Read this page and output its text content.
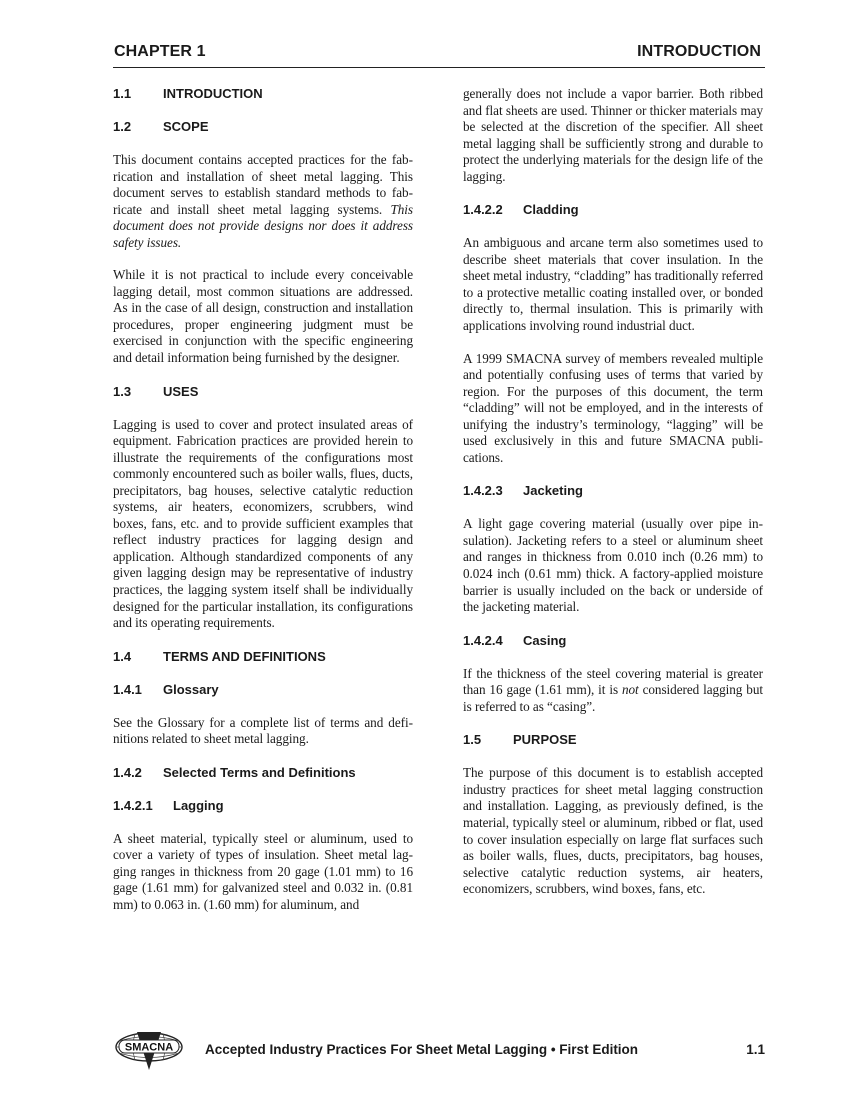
CHAPTER 1	INTRODUCTION
1.1 INTRODUCTION
1.2 SCOPE

This document contains accepted practices for the fabrication and installation of sheet metal lagging. This document serves to establish standard methods to fabricate and install sheet metal lagging systems. This document does not provide designs nor does it address safety issues.

While it is not practical to include every conceivable lagging detail, most common situations are addressed. As in the case of all design, construction and installation procedures, proper engineering judgment must be exercised in conjunction with the specific engineering and detail information being furnished by the designer.

1.3 USES

Lagging is used to cover and protect insulated areas of equipment. Fabrication practices are provided herein to illustrate the requirements of the configurations most commonly encountered such as boiler walls, flues, ducts, precipitators, bag houses, selective catalytic reduction systems, air heaters, economizers, scrubbers, wind boxes, fans, etc. and to provide sufficient examples that reflect industry practices for lagging design and application. Although standardized components of any given lagging design may be representative of industry practices, the lagging system itself shall be individually designed for the particular installation, its configurations and its operating requirements.

1.4 TERMS AND DEFINITIONS
1.4.1 Glossary

See the Glossary for a complete list of terms and definitions related to sheet metal lagging.

1.4.2 Selected Terms and Definitions
1.4.2.1 Lagging

A sheet material, typically steel or aluminum, used to cover a variety of types of insulation. Sheet metal lagging ranges in thickness from 20 gage (1.01 mm) to 16 gage (1.61 mm) for galvanized steel and 0.032 in. (0.81 mm) to 0.063 in. (1.60 mm) for aluminum, and

generally does not include a vapor barrier. Both ribbed and flat sheets are used. Thinner or thicker materials may be selected at the discretion of the specifier. All sheet metal lagging shall be sufficiently strong and durable to protect the underlying materials for the design life of the lagging.

1.4.2.2 Cladding

An ambiguous and arcane term also sometimes used to describe sheet materials that cover insulation. In the sheet metal industry, “cladding” has traditionally referred to a protective metallic coating installed over, or bonded directly to, thermal insulation. This is primarily with applications involving round industrial duct.

A 1999 SMACNA survey of members revealed multiple and potentially confusing uses of terms that varied by region. For the purposes of this document, the term “cladding” will not be employed, and in the interests of unifying the industry’s terminology, “lagging” will be used exclusively in this and future SMACNA publications.

1.4.2.3 Jacketing

A light gage covering material (usually over pipe insulation). Jacketing refers to a steel or aluminum sheet and ranges in thickness from 0.010 inch (0.26 mm) to 0.024 inch (0.61 mm) thick. A factory-applied moisture barrier is usually included on the back or underside of the jacketing material.

1.4.2.4 Casing

If the thickness of the steel covering material is greater than 16 gage (1.61 mm), it is not considered lagging but is referred to as “casing”.

1.5 PURPOSE

The purpose of this document is to establish accepted industry practices for sheet metal lagging construction and installation. Lagging, as previously defined, is the material, typically steel or aluminum, ribbed or flat, used to cover insulation especially on large flat surfaces such as boiler walls, flues, ducts, precipitators, bag houses, selective catalytic reduction systems, air heaters, economizers, scrubbers, wind boxes, fans, etc.

SMACNA Accepted Industry Practices For Sheet Metal Lagging • First Edition	1.1
